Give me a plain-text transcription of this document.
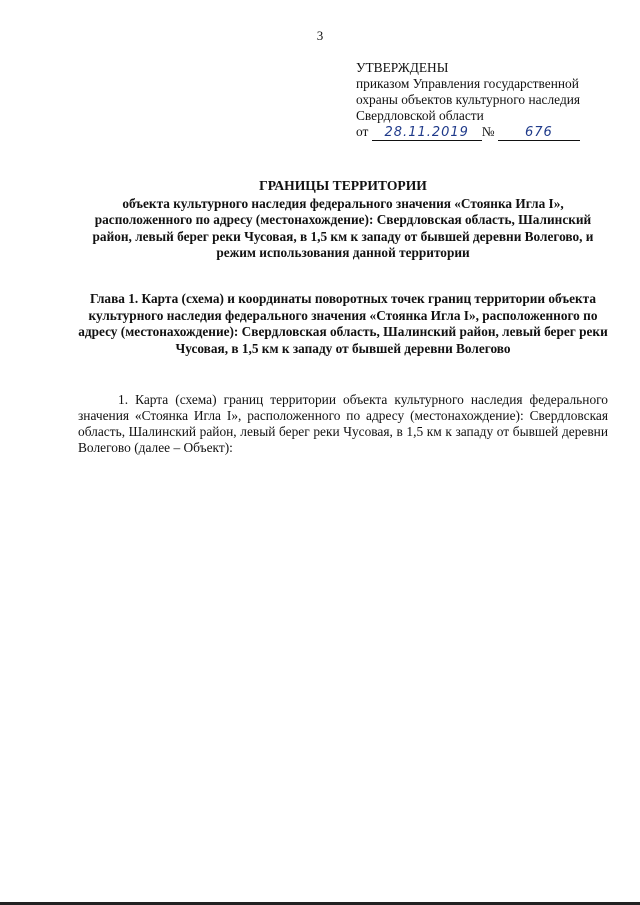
3
УТВЕРЖДЕНЫ
приказом Управления государственной
охраны объектов культурного наследия
Свердловской области
от 28.11.2019 № 676
ГРАНИЦЫ ТЕРРИТОРИИ
объекта культурного наследия федерального значения «Стоянка Игла I», расположенного по адресу (местонахождение): Свердловская область, Шалинский район, левый берег реки Чусовая, в 1,5 км к западу от бывшей деревни Волегово, и режим использования данной территории
Глава 1. Карта (схема) и координаты поворотных точек границ территории объекта культурного наследия федерального значения «Стоянка Игла I», расположенного по адресу (местонахождение): Свердловская область, Шалинский район, левый берег реки Чусовая, в 1,5 км к западу от бывшей деревни Волегово
1. Карта (схема) границ территории объекта культурного наследия федерального значения «Стоянка Игла I», расположенного по адресу (местонахождение): Свердловская область, Шалинский район, левый берег реки Чусовая, в 1,5 км к западу от бывшей деревни Волегово (далее – Объект):
